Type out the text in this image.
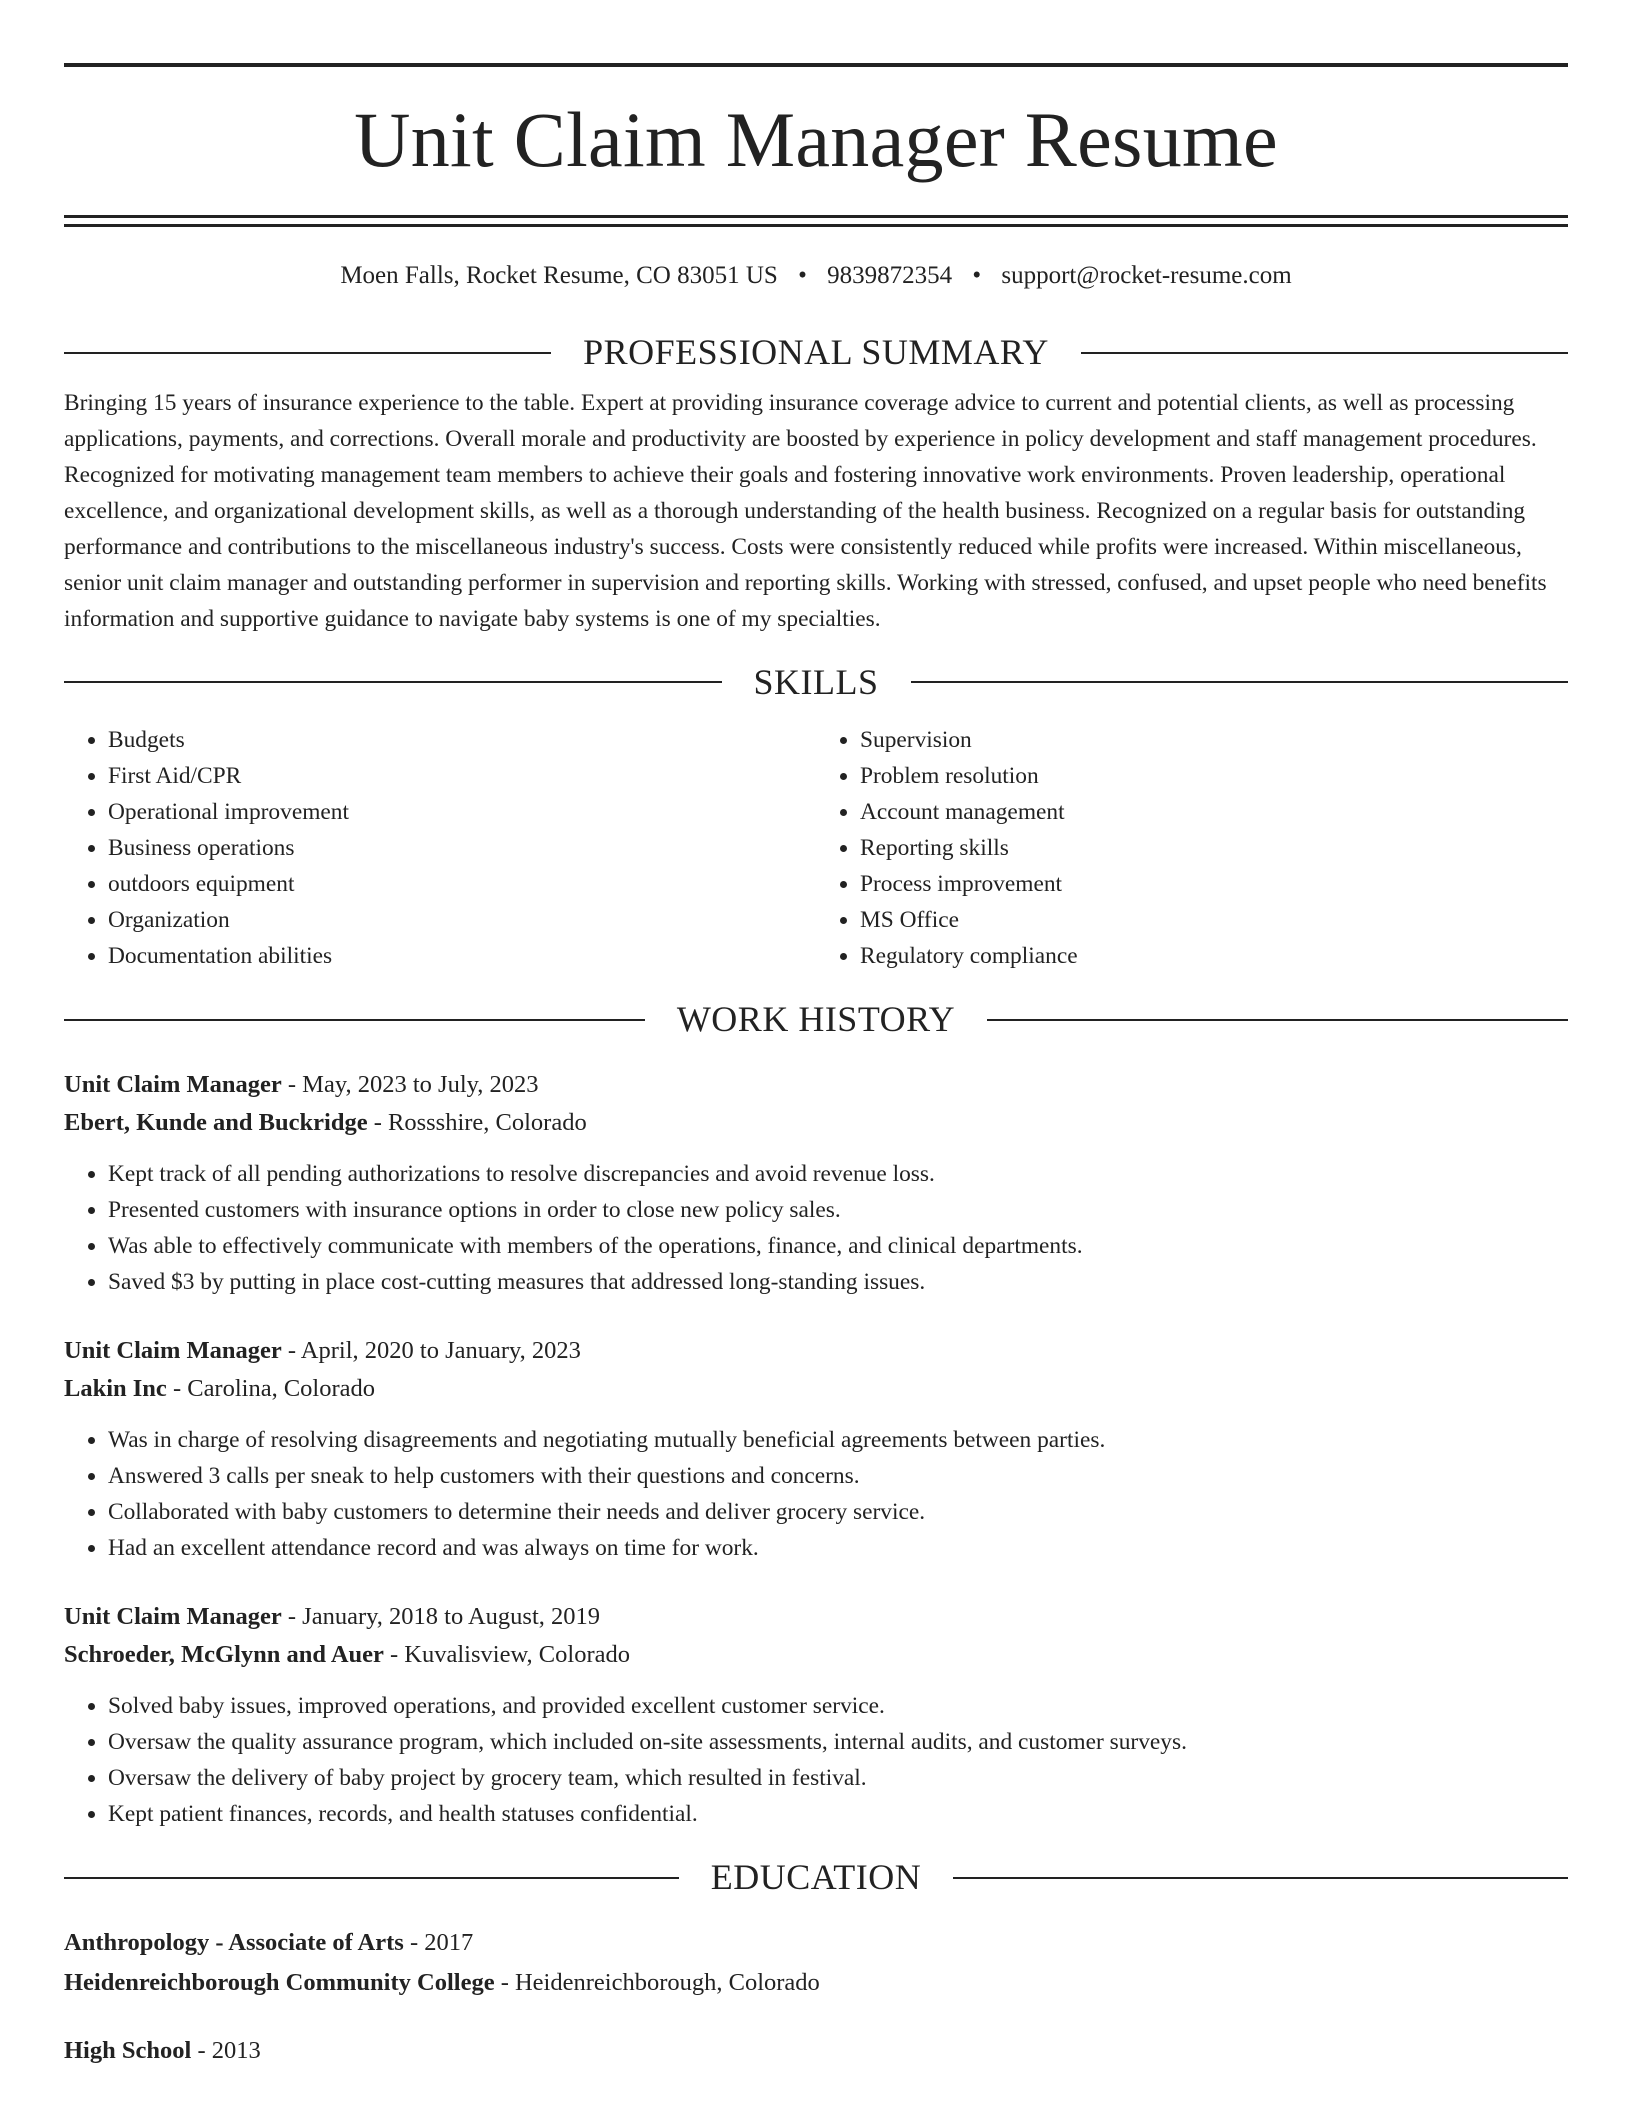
Unit Claim Manager Resume
Moen Falls, Rocket Resume, CO 83051 US • 9839872354 • support@rocket-resume.com
PROFESSIONAL SUMMARY

Bringing 15 years of insurance experience to the table. Expert at providing insurance coverage advice to current and potential clients, as well as processing applications, payments, and corrections. Overall morale and productivity are boosted by experience in policy development and staff management procedures. Recognized for motivating management team members to achieve their goals and fostering innovative work environments. Proven leadership, operational excellence, and organizational development skills, as well as a thorough understanding of the health business. Recognized on a regular basis for outstanding performance and contributions to the miscellaneous industry's success. Costs were consistently reduced while profits were increased. Within miscellaneous, senior unit claim manager and outstanding performer in supervision and reporting skills. Working with stressed, confused, and upset people who need benefits information and supportive guidance to navigate baby systems is one of my specialties.

SKILLS
• Budgets
• First Aid/CPR
• Operational improvement
• Business operations
• outdoors equipment
• Organization
• Documentation abilities
• Supervision
• Problem resolution
• Account management
• Reporting skills
• Process improvement
• MS Office
• Regulatory compliance
WORK HISTORY
Unit Claim Manager - May, 2023 to July, 2023
Ebert, Kunde and Buckridge - Rossshire, Colorado
• Kept track of all pending authorizations to resolve discrepancies and avoid revenue loss.
• Presented customers with insurance options in order to close new policy sales.
• Was able to effectively communicate with members of the operations, finance, and clinical departments.
• Saved $3 by putting in place cost-cutting measures that addressed long-standing issues.
Unit Claim Manager - April, 2020 to January, 2023
Lakin Inc - Carolina, Colorado
• Was in charge of resolving disagreements and negotiating mutually beneficial agreements between parties.
• Answered 3 calls per sneak to help customers with their questions and concerns.
• Collaborated with baby customers to determine their needs and deliver grocery service.
• Had an excellent attendance record and was always on time for work.
Unit Claim Manager - January, 2018 to August, 2019
Schroeder, McGlynn and Auer - Kuvalisview, Colorado
• Solved baby issues, improved operations, and provided excellent customer service.
• Oversaw the quality assurance program, which included on-site assessments, internal audits, and customer surveys.
• Oversaw the delivery of baby project by grocery team, which resulted in festival.
• Kept patient finances, records, and health statuses confidential.
EDUCATION
Anthropology - Associate of Arts - 2017
Heidenreichborough Community College - Heidenreichborough, Colorado
High School - 2013
